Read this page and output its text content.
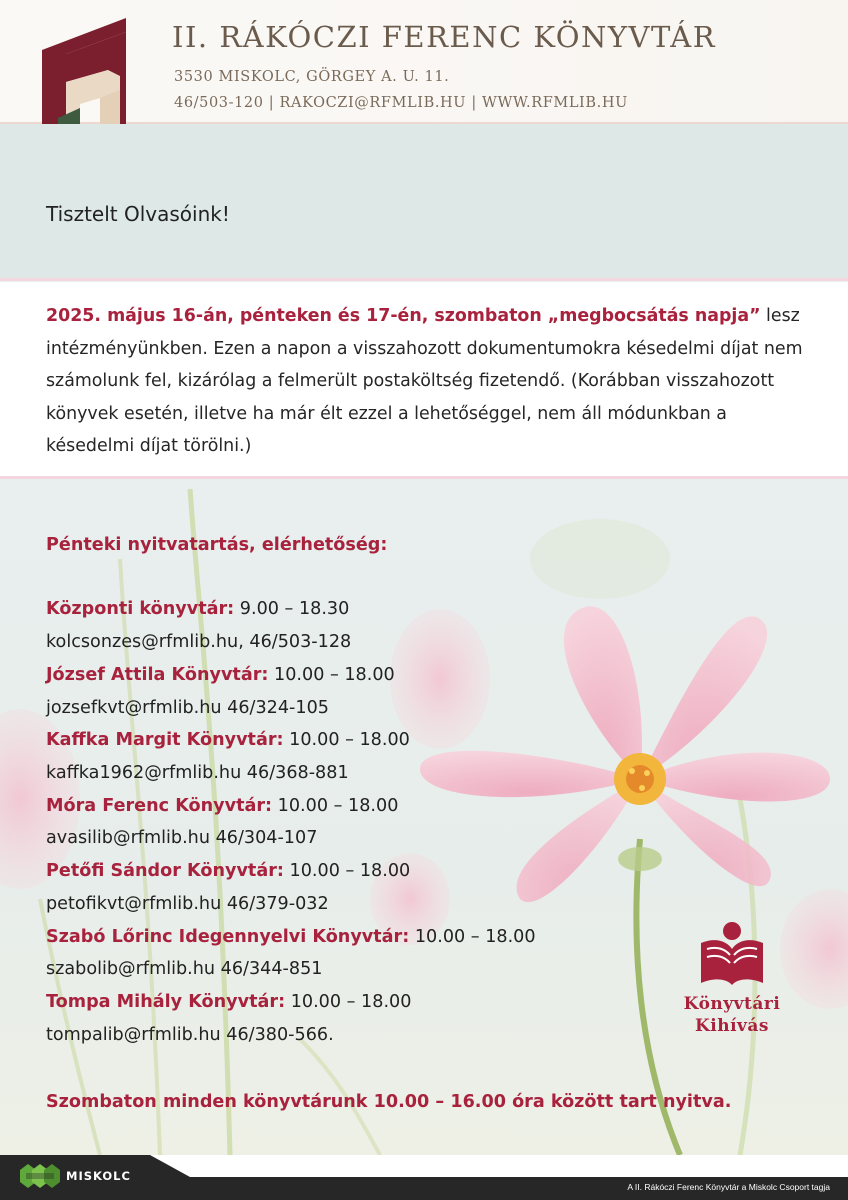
II. RÁKÓCZI FERENC KÖNYVTÁR
3530 MISKOLC, GÖRGEY A. U. 11.
46/503-120 | RAKOCZI@RFMLIB.HU | WWW.RFMLIB.HU
Tisztelt Olvasóink!

2025. május 16-án, pénteken és 17-én, szombaton „megbocsátás napja” lesz intézményünkben. Ezen a napon a visszahozott dokumentumokra késedelmi díjat nem számolunk fel, kizárólag a felmerült postaköltség fizetendő. (Korábban visszahozott könyvek esetén, illetve ha már élt ezzel a lehetőséggel, nem áll módunkban a késedelmi díjat törölni.)

Pénteki nyitvatartás, elérhetőség:
Központi könyvtár: 9.00 – 18.30
kolcsonzes@rfmlib.hu, 46/503-128
József Attila Könyvtár: 10.00 – 18.00
jozsefkvt@rfmlib.hu 46/324-105
Kaffka Margit Könyvtár: 10.00 – 18.00
kaffka1962@rfmlib.hu 46/368-881
Móra Ferenc Könyvtár: 10.00 – 18.00
avasilib@rfmlib.hu 46/304-107
Petőfi Sándor Könyvtár: 10.00 – 18.00
petofikvt@rfmlib.hu 46/379-032
Szabó Lőrinc Idegennyelvi Könyvtár: 10.00 – 18.00
szabolib@rfmlib.hu 46/344-851
Tompa Mihály Könyvtár: 10.00 – 18.00
tompalib@rfmlib.hu 46/380-566.
Szombaton minden könyvtárunk 10.00 – 16.00 óra között tart nyitva.
Könyvtári
Kihívás
MISKOLC
A II. Rákóczi Ferenc Könyvtár a Miskolc Csoport tagja
